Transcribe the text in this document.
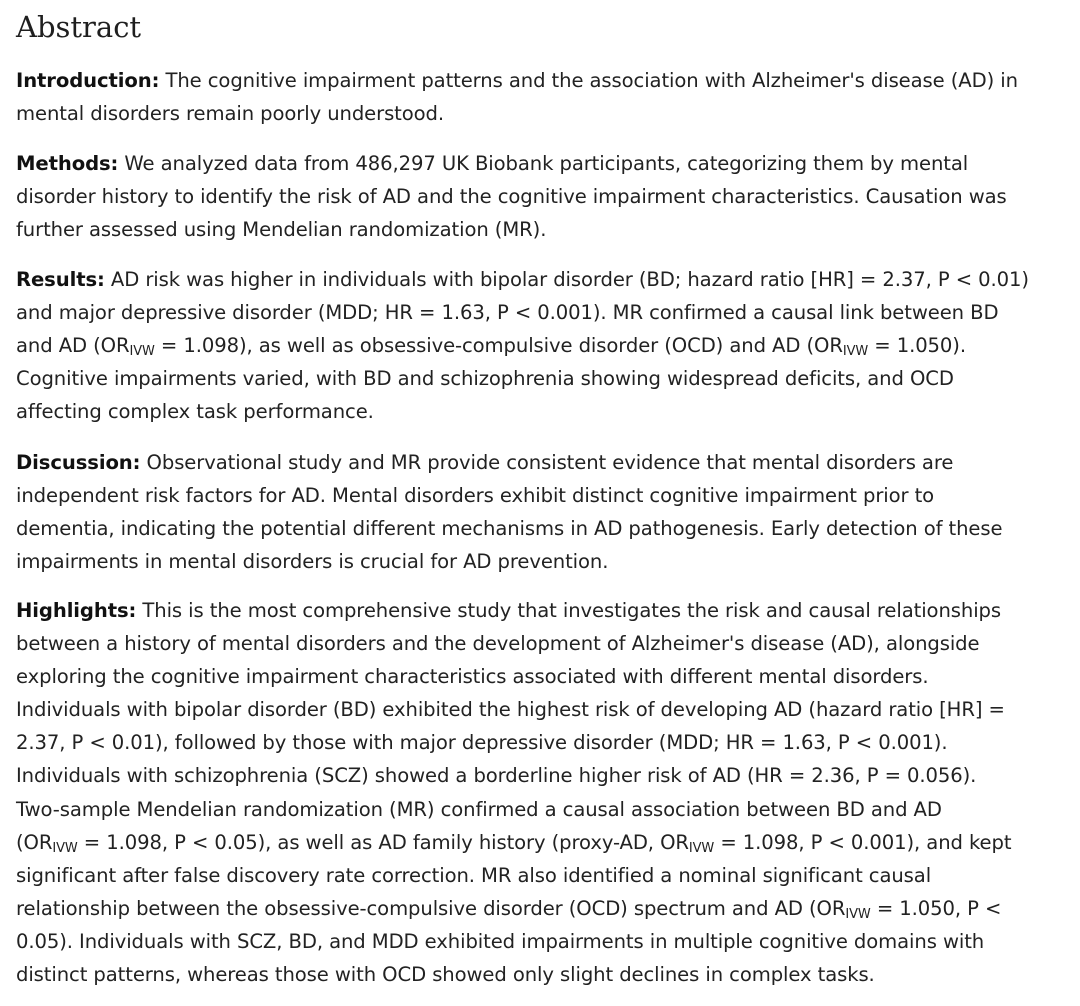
Abstract
Introduction: The cognitive impairment patterns and the association with Alzheimer's disease (AD) in
mental disorders remain poorly understood.
Methods: We analyzed data from 486,297 UK Biobank participants, categorizing them by mental
disorder history to identify the risk of AD and the cognitive impairment characteristics. Causation was
further assessed using Mendelian randomization (MR).
Results: AD risk was higher in individuals with bipolar disorder (BD; hazard ratio [HR] = 2.37, P < 0.01)
and major depressive disorder (MDD; HR = 1.63, P < 0.001). MR confirmed a causal link between BD
and AD $(OR_{IVW} = 1.098)$, as well as obsessive-compulsive disorder (OCD) and AD $(OR_{IVW} = 1.050)$.
Cognitive impairments varied, with BD and schizophrenia showing widespread deficits, and OCD
affecting complex task performance.
Discussion: Observational study and MR provide consistent evidence that mental disorders are
independent risk factors for AD. Mental disorders exhibit distinct cognitive impairment prior to
dementia, indicating the potential different mechanisms in AD pathogenesis. Early detection of these
impairments in mental disorders is crucial for AD prevention.
Highlights: This is the most comprehensive study that investigates the risk and causal relationships
between a history of mental disorders and the development of Alzheimer's disease (AD), alongside
exploring the cognitive impairment characteristics associated with different mental disorders.
Individuals with bipolar disorder (BD) exhibited the highest risk of developing AD (hazard ratio [HR] =
2.37, P < 0.01), followed by those with major depressive disorder (MDD; HR = 1.63, P < 0.001).
Individuals with schizophrenia (SCZ) showed a borderline higher risk of AD (HR = 2.36, P = 0.056).
Two-sample Mendelian randomization (MR) confirmed a causal association between BD and AD
($OR_{IVW} = 1.098$, P < 0.05), as well as AD family history (proxy-AD, $OR_{IVW} = 1.098$, P < 0.001), and kept
significant after false discovery rate correction. MR also identified a nominal significant causal
relationship between the obsessive-compulsive disorder (OCD) spectrum and AD ($OR_{IVW} = 1.050$, P <
0.05). Individuals with SCZ, BD, and MDD exhibited impairments in multiple cognitive domains with
distinct patterns, whereas those with OCD showed only slight declines in complex tasks.
